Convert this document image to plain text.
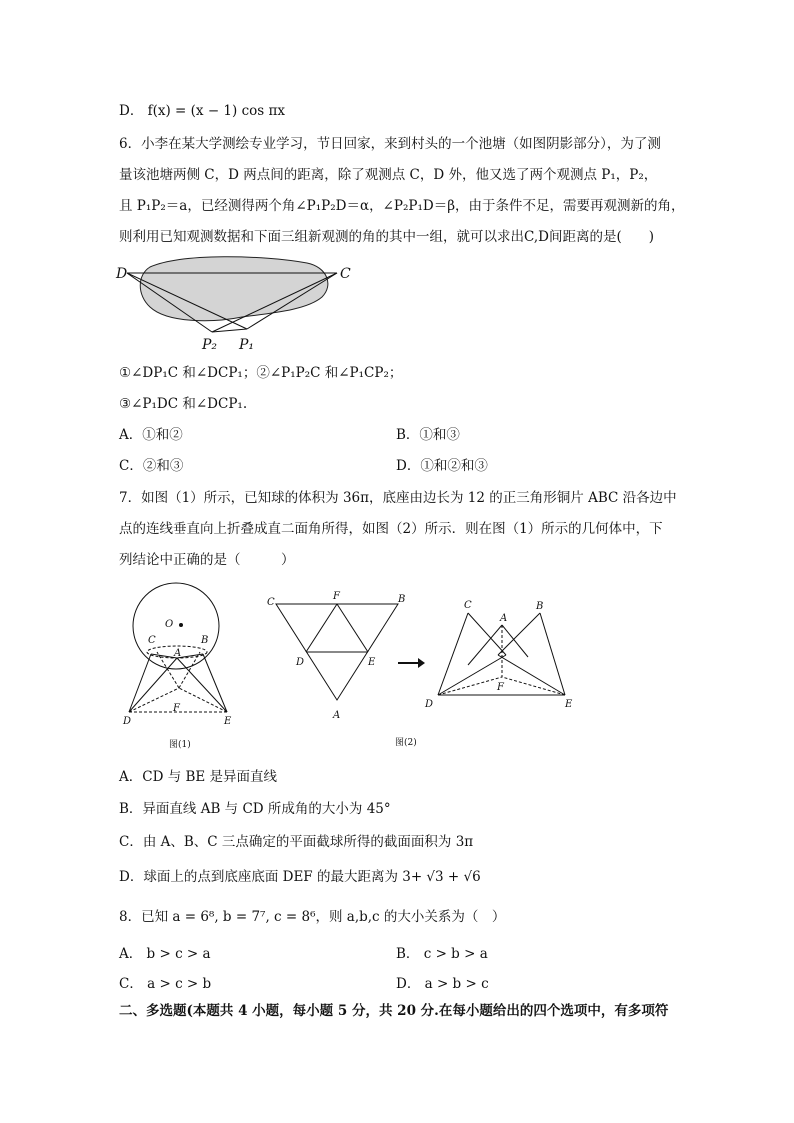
D． f(x) = (x − 1) cos πx
6．小李在某大学测绘专业学习，节日回家，来到村头的一个池塘（如图阴影部分），为了测
量该池塘两侧 C，D 两点间的距离，除了观测点 C，D 外，他又选了两个观测点 P₁，P₂，
且 P₁P₂＝a，已经测得两个角∠P₁P₂D＝α，∠P₂P₁D＝β，由于条件不足，需要再观测新的角，
则利用已知观测数据和下面三组新观测的角的其中一组，就可以求出C,D间距离的是(　　)
D	C
P₂ P₁
①∠DP₁C 和∠DCP₁；②∠P₁P₂C 和∠P₁CP₂；
③∠P₁DC 和∠DCP₁.
A．①和②	B．①和③
C．②和③	D．①和②和③
7．如图（1）所示，已知球的体积为 36π，底座由边长为 12 的正三角形铜片 ABC 沿各边中
点的连线垂直向上折叠成直二面角所得，如图（2）所示．则在图（1）所示的几何体中，下
列结论中正确的是（　　　）
O
C	B
A
F
D	E
图(1)
C
F	B
D	E
A
图(2)
C
A
B
F
D	E
A．CD 与 BE 是异面直线
B．异面直线 AB 与 CD 所成角的大小为 45°
C．由 A、B、C 三点确定的平面截球所得的截面面积为 3π
D．球面上的点到底座底面 DEF 的最大距离为 3+ √3 + √6
8．已知 a = 6⁸, b = 7⁷, c = 8⁶，则 a,b,c 的大小关系为（　）
A． b > c > a	B． c > b > a
C． a > c > b	D． a > b > c
二、多选题(本题共 4 小题，每小题 5 分，共 20 分.在每小题给出的四个选项中，有多项符
